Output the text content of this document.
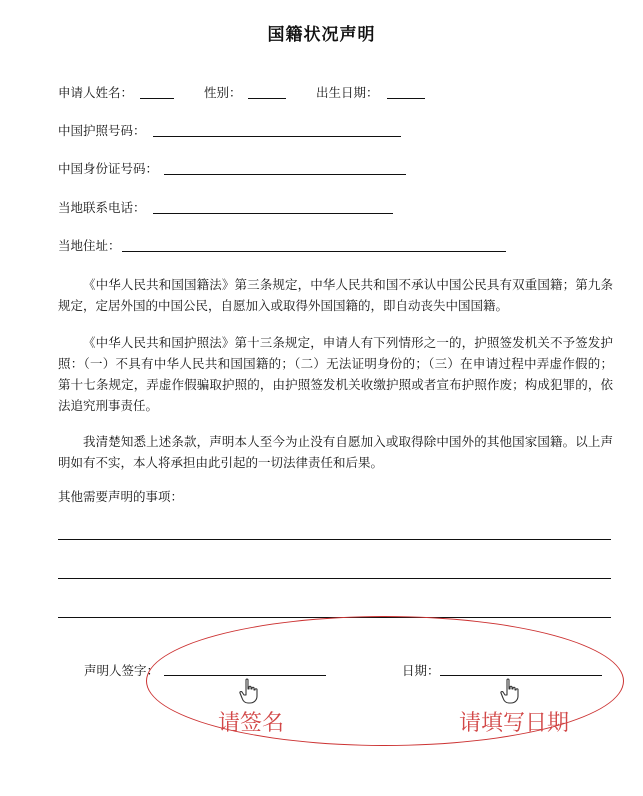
国籍状况声明
申请人姓名：	性别：	出生日期：
中国护照号码：
中国身份证号码：
当地联系电话：
当地住址：
《中华人民共和国国籍法》第三条规定，中华人民共和国不承认中国公民具有双重国籍；第九条规定，定居外国的中国公民，自愿加入或取得外国国籍的，即自动丧失中国国籍。
《中华人民共和国护照法》第十三条规定，申请人有下列情形之一的，护照签发机关不予签发护照：（一）不具有中华人民共和国国籍的；（二）无法证明身份的；（三）在申请过程中弄虚作假的；第十七条规定，弄虚作假骗取护照的，由护照签发机关收缴护照或者宣布护照作废；构成犯罪的，依法追究刑事责任。
我清楚知悉上述条款，声明本人至今为止没有自愿加入或取得除中国外的其他国家国籍。以上声明如有不实，本人将承担由此引起的一切法律责任和后果。
其他需要声明的事项：
声明人签字：	日期：
请签名	请填写日期
